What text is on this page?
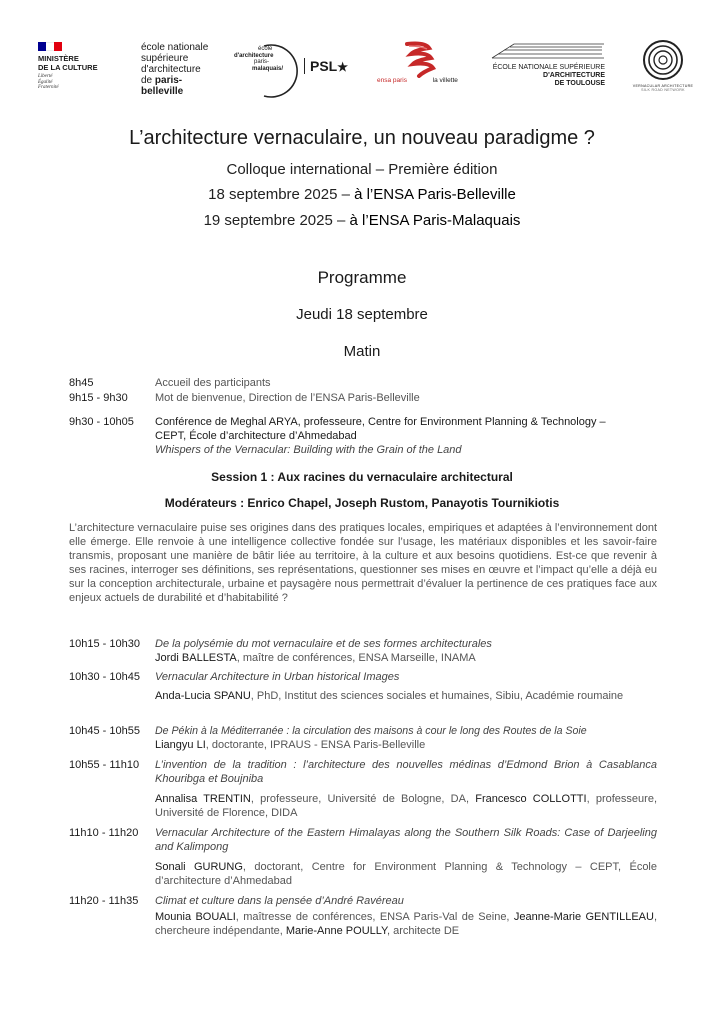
MINISTÈRE
DE LA CULTURE
Liberté
Égalité
Fraternité
école nationale
supérieure
d'architecture
de paris-
belleville
école
d'architecture
paris-
malaquais/	PSL★
ensa paris	la villette
ÉCOLE NATIONALE SUPÉRIEURE
D'ARCHITECTURE
DE TOULOUSE	VERNACULAR ARCHITECTURE
SILK ROAD NETWORK
L’architecture vernaculaire, un nouveau paradigme ?
Colloque international – Première édition
18 septembre 2025 – à l’ENSA Paris-Belleville
19 septembre 2025 – à l’ENSA Paris-Malaquais
Programme
Jeudi 18 septembre
Matin
8h45	Accueil des participants
9h15 - 9h30 Mot de bienvenue, Direction de l’ENSA Paris-Belleville
9h30 - 10h05 Conférence de Meghal ARYA, professeure, Centre for Environment Planning & Technology –
CEPT, École d’architecture d’Ahmedabad
Whispers of the Vernacular: Building with the Grain of the Land
Session 1 : Aux racines du vernaculaire architectural
Modérateurs : Enrico Chapel, Joseph Rustom, Panayotis Tournikiotis
L’architecture vernaculaire puise ses origines dans des pratiques locales, empiriques et adaptées à l’environnement dont elle émerge. Elle renvoie à une intelligence collective fondée sur l’usage, les matériaux disponibles et les savoir-faire transmis, proposant une manière de bâtir liée au territoire, à la culture et aux besoins quotidiens. Est-ce que revenir à ses racines, interroger ses définitions, ses représentations, questionner ses mises en œuvre et l’impact qu’elle a déjà eu sur la conception architecturale, urbaine et paysagère nous permettrait d’évaluer la pertinence de ces pratiques face aux enjeux actuels de durabilité et d’habitabilité ?
10h15 - 10h30 De la polysémie du mot vernaculaire et de ses formes architecturales
Jordi BALLESTA, maître de conférences, ENSA Marseille, INAMA
10h30 - 10h45 Vernacular Architecture in Urban historical Images
Anda-Lucia SPANU, PhD, Institut des sciences sociales et humaines, Sibiu, Académie roumaine
10h45 - 10h55 De Pékin à la Méditerranée : la circulation des maisons à cour le long des Routes de la Soie
Liangyu LI, doctorante, IPRAUS - ENSA Paris-Belleville
10h55 - 11h10 L’invention de la tradition : l’architecture des nouvelles médinas d’Edmond Brion à Casablanca Khouribga et Boujniba
Annalisa TRENTIN, professeure, Université de Bologne, DA, Francesco COLLOTTI, professeure, Université de Florence, DIDA
11h10 - 11h20 Vernacular Architecture of the Eastern Himalayas along the Southern Silk Roads: Case of Darjeeling and Kalimpong
Sonali GURUNG, doctorant, Centre for Environment Planning & Technology – CEPT, École d’architecture d’Ahmedabad
11h20 - 11h35 Climat et culture dans la pensée d’André Ravéreau
Mounia BOUALI, maîtresse de conférences, ENSA Paris-Val de Seine, Jeanne-Marie GENTILLEAU, chercheure indépendante, Marie-Anne POULLY, architecte DE
